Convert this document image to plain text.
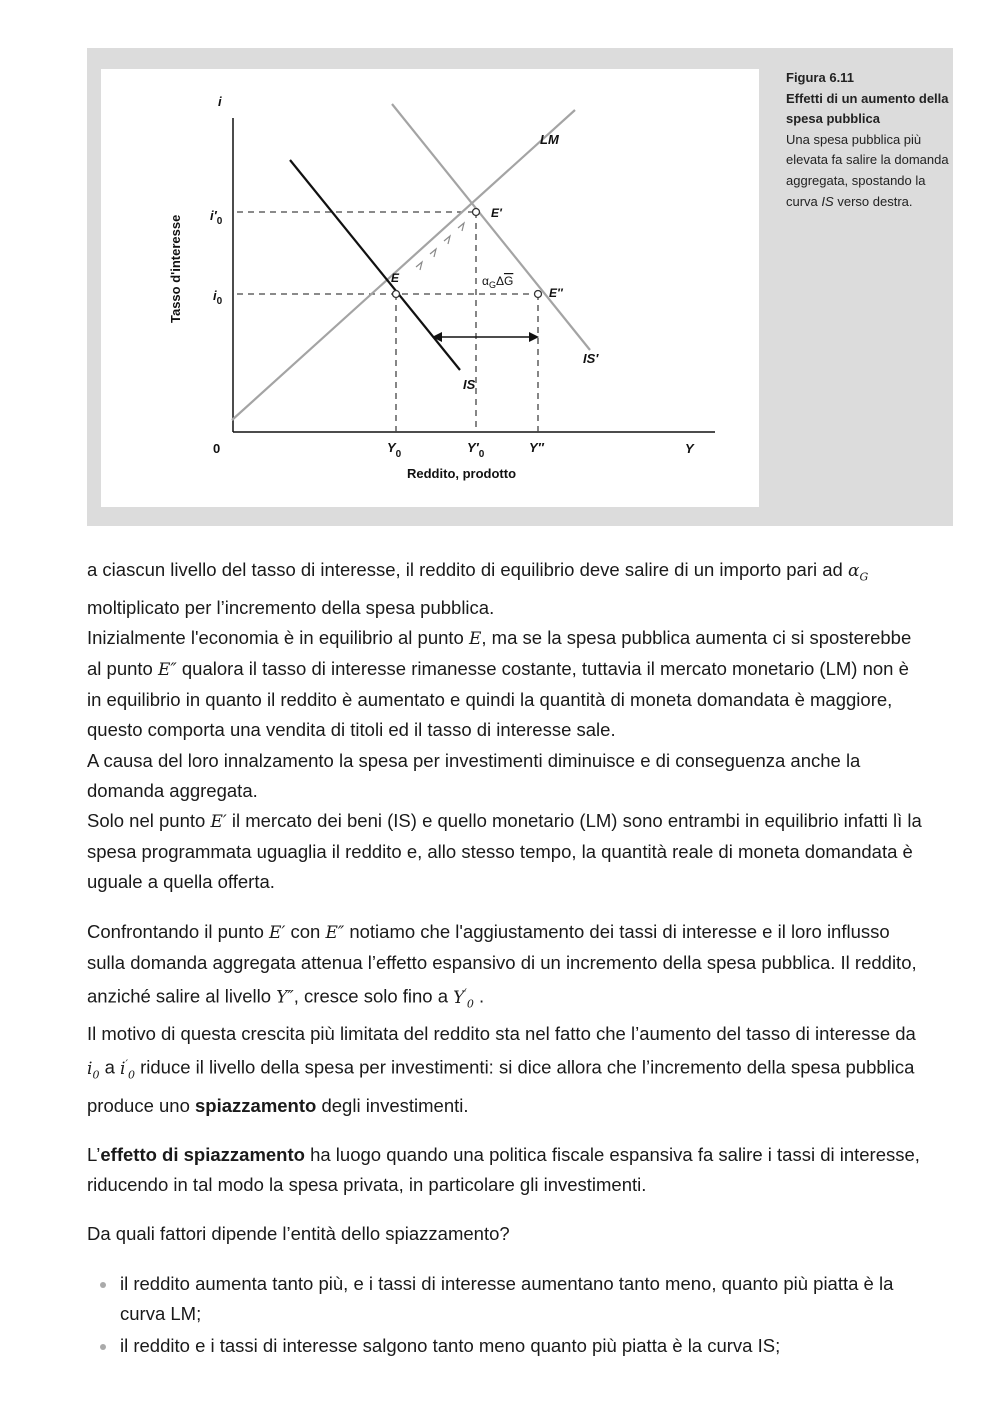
i
Y
0
Reddito, prodotto
Tasso d'interesse
LM
IS′
IS
E
E′
E″
$\alpha_G\Delta G$
$i'_0$
$i_0$
$Y_0$	$Y'_0$	Y″
Figura 6.11
Effetti di un aumento della spesa pubblica
Una spesa pubblica più elevata fa salire la domanda aggregata, spostando la curva IS verso destra.

a ciascun livello del tasso di interesse, il reddito di equilibrio deve salire di un importo pari ad $\alpha_G$ moltiplicato per l’incremento della spesa pubblica.

Inizialmente l'economia è in equilibrio al punto E, ma se la spesa pubblica aumenta ci si sposterebbe al punto E″ qualora il tasso di interesse rimanesse costante, tuttavia il mercato monetario (LM) non è in equilibrio in quanto il reddito è aumentato e quindi la quantità di moneta domandata è maggiore, questo comporta una vendita di titoli ed il tasso di interesse sale.

A causa del loro innalzamento la spesa per investimenti diminuisce e di conseguenza anche la domanda aggregata.

Solo nel punto E′ il mercato dei beni (IS) e quello monetario (LM) sono entrambi in equilibrio infatti lì la spesa programmata uguaglia il reddito e, allo stesso tempo, la quantità reale di moneta domandata è uguale a quella offerta.

Confrontando il punto E′ con E″ notiamo che l'aggiustamento dei tassi di interesse e il loro influsso sulla domanda aggregata attenua l’effetto espansivo di un incremento della spesa pubblica. Il reddito, anziché salire al livello Y″, cresce solo fino a $Y'_0$ .

Il motivo di questa crescita più limitata del reddito sta nel fatto che l’aumento del tasso di interesse da $i_0$ a $i'_0$ riduce il livello della spesa per investimenti: si dice allora che l’incremento della spesa pubblica produce uno spiazzamento degli investimenti.

L’effetto di spiazzamento ha luogo quando una politica fiscale espansiva fa salire i tassi di interesse, riducendo in tal modo la spesa privata, in particolare gli investimenti.

Da quali fattori dipende l’entità dello spiazzamento?

il reddito aumenta tanto più, e i tassi di interesse aumentano tanto meno, quanto più piatta è la curva LM;
il reddito e i tassi di interesse salgono tanto meno quanto più piatta è la curva IS;
